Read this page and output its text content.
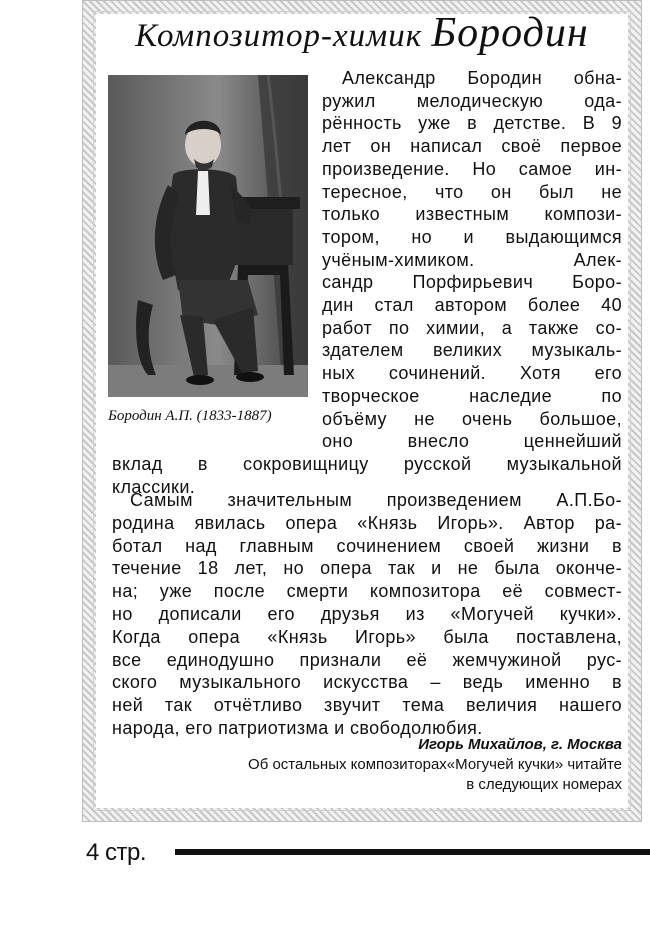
Композитор-химик Бородин
Бородин А.П. (1833-1887)
Александр Бородин обна-
ружил мелодическую ода-
рённость уже в детстве. В 9
лет он написал своё первое
произведение. Но самое ин-
тересное, что он был не
только известным компози-
тором, но и выдающимся
учёным-химиком. Алек-
сандр Порфирьевич Боро-
дин стал автором более 40
работ по химии, а также со-
здателем великих музыкаль-
ных сочинений. Хотя его
творческое наследие по
объёму не очень большое,
оно внесло ценнейший
вклад в сокровищницу русской музыкальной
классики.
Самым значительным произведением А.П.Бо-
родина явилась опера «Князь Игорь». Автор ра-
ботал над главным сочинением своей жизни в
течение 18 лет, но опера так и не была оконче-
на; уже после смерти композитора её совмест-
но дописали его друзья из «Могучей кучки».
Когда опера «Князь Игорь» была поставлена,
все единодушно признали её жемчужиной рус-
ского музыкального искусства – ведь именно в
ней так отчётливо звучит тема величия нашего
народа, его патриотизма и свободолюбия.
Игорь Михайлов, г. Москва
Об остальных композиторах«Могучей кучки» читайте
в следующих номерах
4 стр.
